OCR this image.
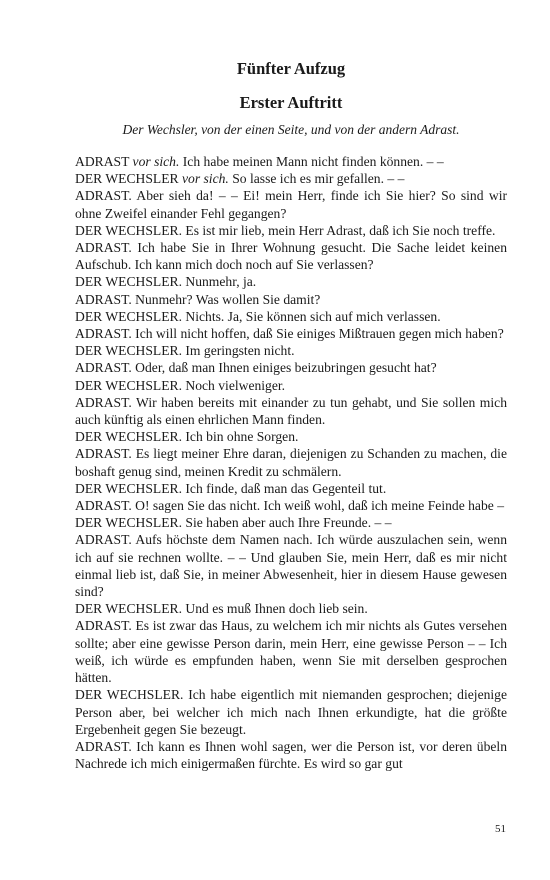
Fünfter Aufzug
Erster Auftritt

Der Wechsler, von der einen Seite, und von der andern Adrast.

ADRAST vor sich. Ich habe meinen Mann nicht finden können. – –

DER WECHSLER vor sich. So lasse ich es mir gefallen. – –

ADRAST. Aber sieh da! – – Ei! mein Herr, finde ich Sie hier? So sind wir ohne Zweifel einander Fehl gegangen?

DER WECHSLER. Es ist mir lieb, mein Herr Adrast, daß ich Sie noch treffe.

ADRAST. Ich habe Sie in Ihrer Wohnung gesucht. Die Sache leidet keinen Aufschub. Ich kann mich doch noch auf Sie verlassen?

DER WECHSLER. Nunmehr, ja.

ADRAST. Nunmehr? Was wollen Sie damit?

DER WECHSLER. Nichts. Ja, Sie können sich auf mich verlassen.

ADRAST. Ich will nicht hoffen, daß Sie einiges Mißtrauen gegen mich haben?

DER WECHSLER. Im geringsten nicht.

ADRAST. Oder, daß man Ihnen einiges beizubringen gesucht hat?

DER WECHSLER. Noch vielweniger.

ADRAST. Wir haben bereits mit einander zu tun gehabt, und Sie sollen mich auch künftig als einen ehrlichen Mann finden.

DER WECHSLER. Ich bin ohne Sorgen.

ADRAST. Es liegt meiner Ehre daran, diejenigen zu Schanden zu machen, die boshaft genug sind, meinen Kredit zu schmälern.

DER WECHSLER. Ich finde, daß man das Gegenteil tut.

ADRAST. O! sagen Sie das nicht. Ich weiß wohl, daß ich meine Feinde habe –

DER WECHSLER. Sie haben aber auch Ihre Freunde. – –

ADRAST. Aufs höchste dem Namen nach. Ich würde auszulachen sein, wenn ich auf sie rechnen wollte. – – Und glauben Sie, mein Herr, daß es mir nicht einmal lieb ist, daß Sie, in meiner Abwesenheit, hier in diesem Hause gewesen sind?

DER WECHSLER. Und es muß Ihnen doch lieb sein.

ADRAST. Es ist zwar das Haus, zu welchem ich mir nichts als Gutes versehen sollte; aber eine gewisse Person darin, mein Herr, eine gewisse Person – – Ich weiß, ich würde es empfunden haben, wenn Sie mit derselben gesprochen hätten.

DER WECHSLER. Ich habe eigentlich mit niemanden gesprochen; diejenige Person aber, bei welcher ich mich nach Ihnen erkundigte, hat die größte Ergebenheit gegen Sie bezeugt.

ADRAST. Ich kann es Ihnen wohl sagen, wer die Person ist, vor deren übeln Nachrede ich mich einigermaßen fürchte. Es wird so gar gut

51
